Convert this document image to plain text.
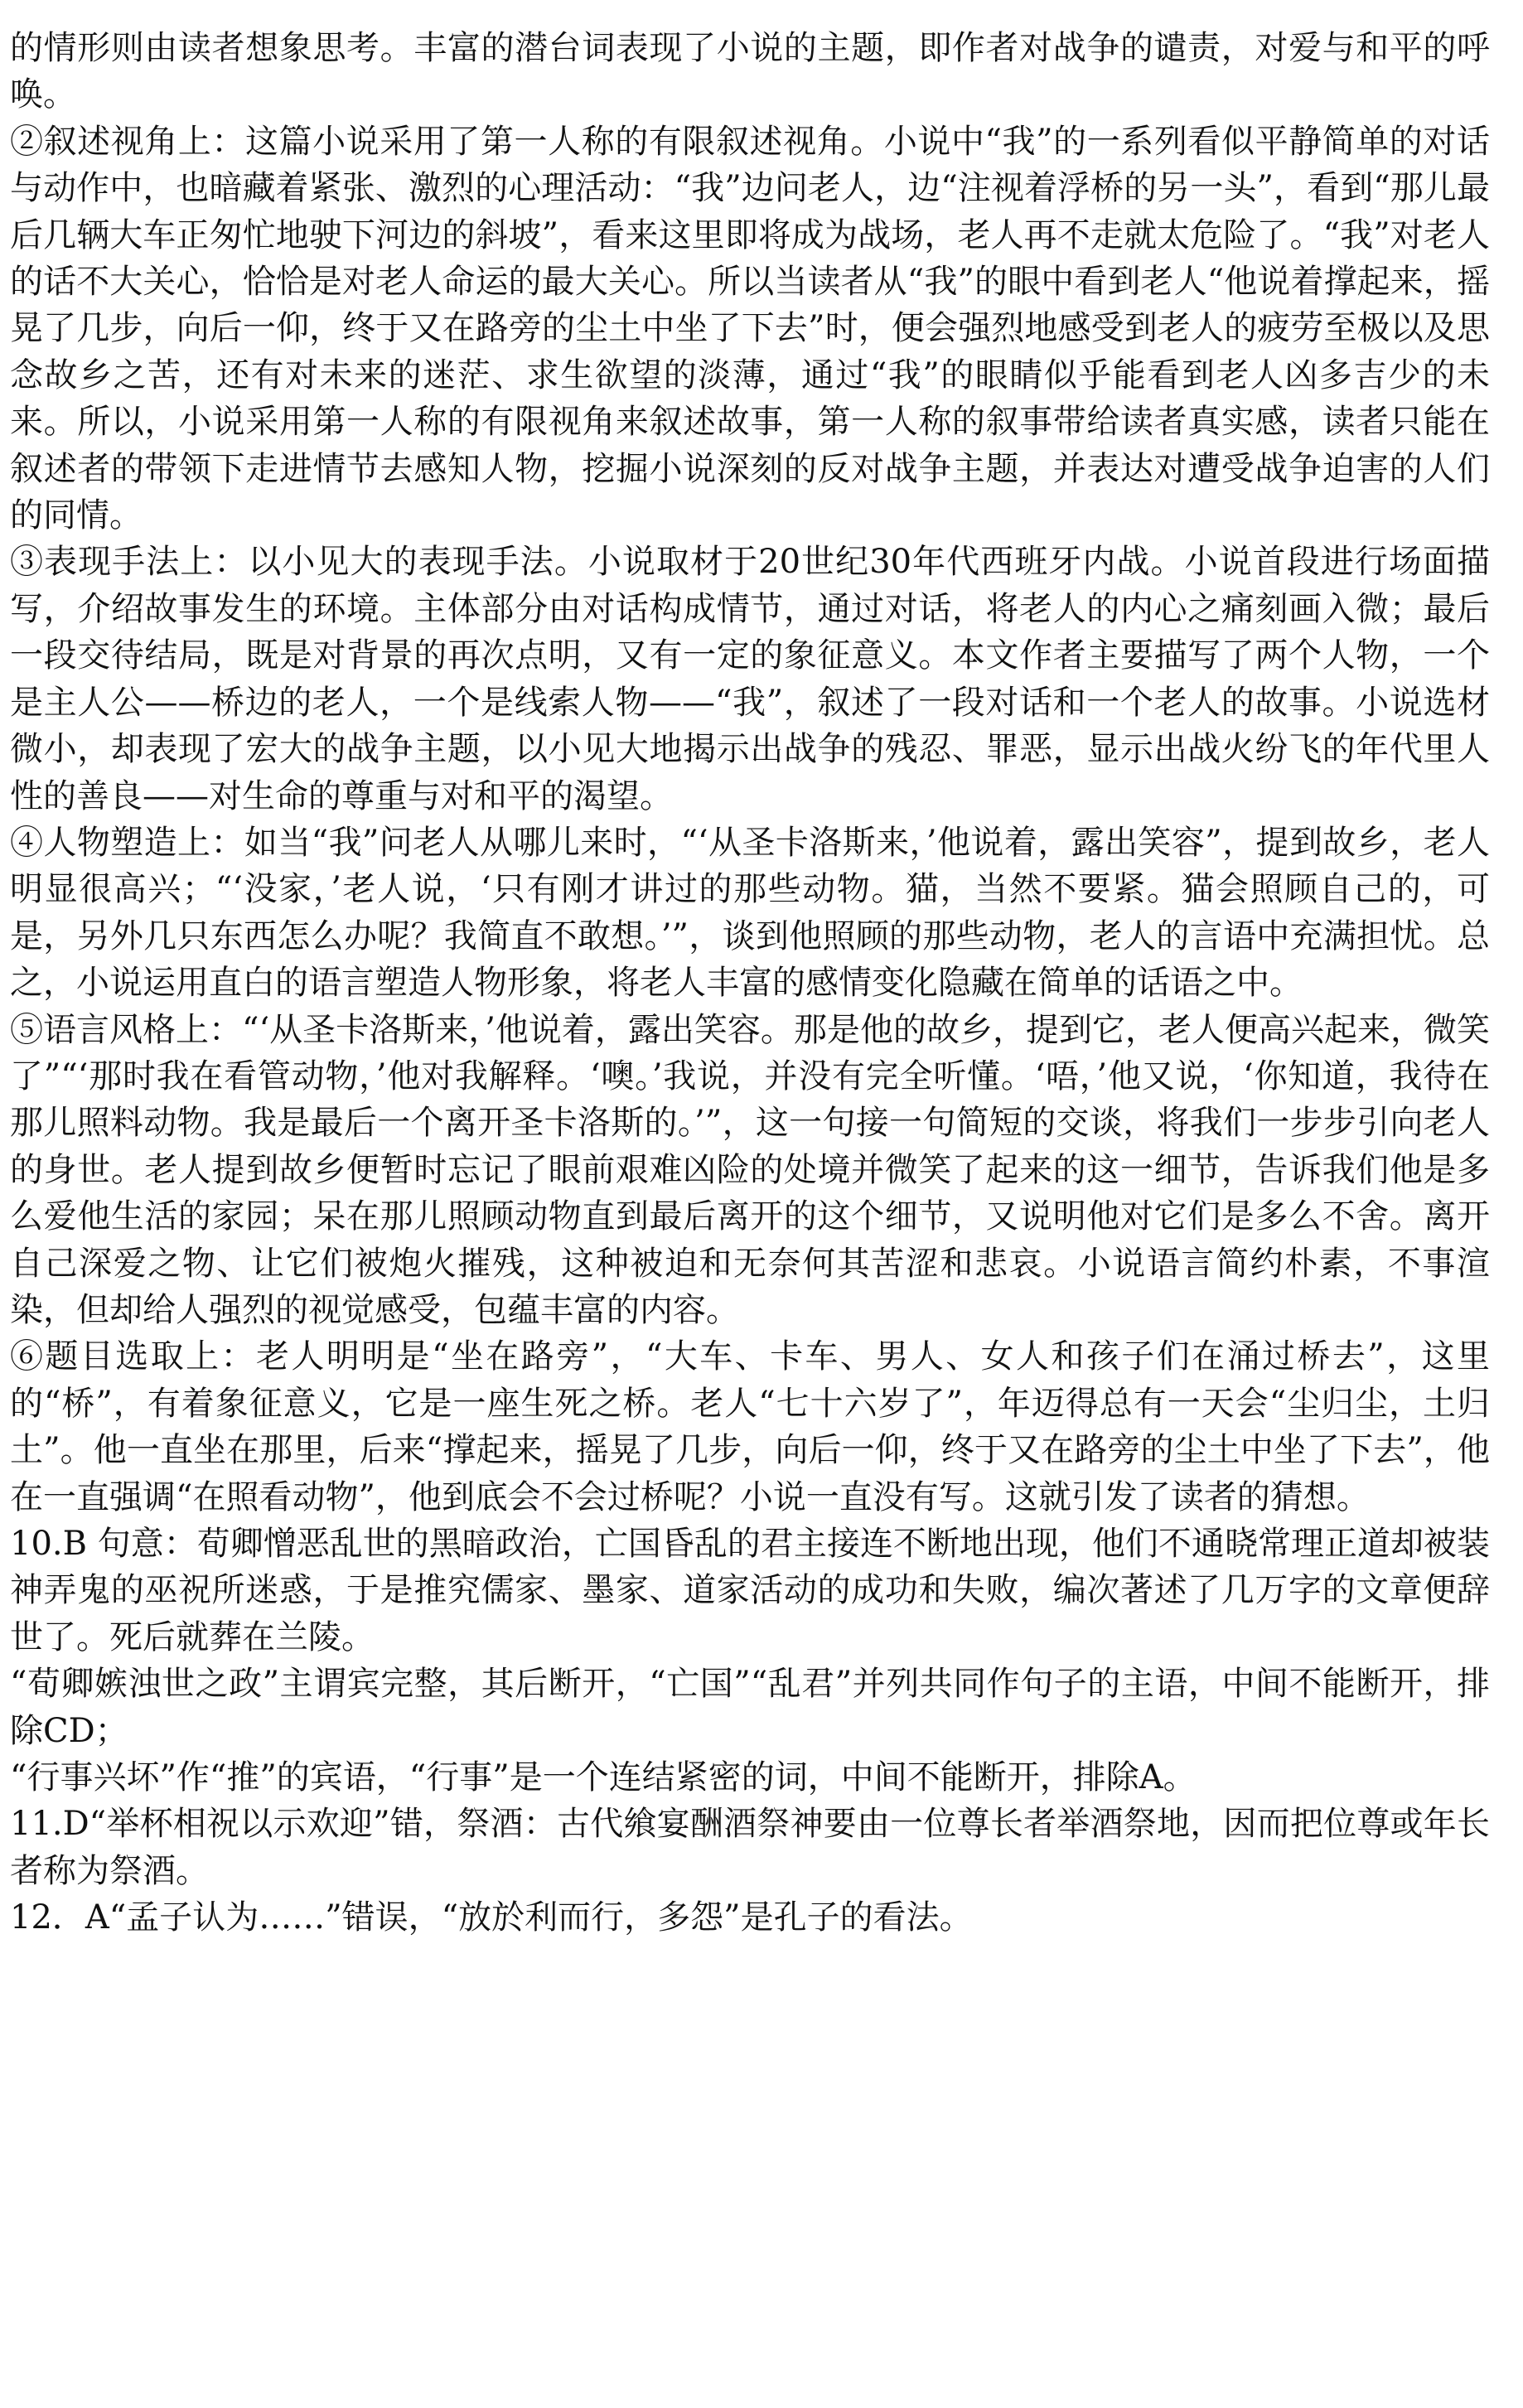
的情形则由读者想象思考。丰富的潜台词表现了小说的主题，即作者对战争的谴责，对爱与和平的呼唤。

②叙述视角上：这篇小说采用了第一人称的有限叙述视角。小说中“我”的一系列看似平静简单的对话与动作中，也暗藏着紧张、激烈的心理活动：“我”边问老人，边“注视着浮桥的另一头”，看到“那儿最后几辆大车正匆忙地驶下河边的斜坡”，看来这里即将成为战场，老人再不走就太危险了。“我”对老人的话不大关心，恰恰是对老人命运的最大关心。所以当读者从“我”的眼中看到老人“他说着撑起来，摇晃了几步，向后一仰，终于又在路旁的尘土中坐了下去”时，便会强烈地感受到老人的疲劳至极以及思念故乡之苦，还有对未来的迷茫、求生欲望的淡薄，通过“我”的眼睛似乎能看到老人凶多吉少的未来。所以，小说采用第一人称的有限视角来叙述故事，第一人称的叙事带给读者真实感，读者只能在叙述者的带领下走进情节去感知人物，挖掘小说深刻的反对战争主题，并表达对遭受战争迫害的人们的同情。

③表现手法上：以小见大的表现手法。小说取材于20世纪30年代西班牙内战。小说首段进行场面描写，介绍故事发生的环境。主体部分由对话构成情节，通过对话，将老人的内心之痛刻画入微；最后一段交待结局，既是对背景的再次点明，又有一定的象征意义。本文作者主要描写了两个人物，一个是主人公——桥边的老人，一个是线索人物——“我”，叙述了一段对话和一个老人的故事。小说选材微小，却表现了宏大的战争主题，以小见大地揭示出战争的残忍、罪恶，显示出战火纷飞的年代里人性的善良——对生命的尊重与对和平的渴望。

④人物塑造上：如当“我”问老人从哪儿来时，“‘从圣卡洛斯来，’他说着，露出笑容”，提到故乡，老人明显很高兴；“‘没家，’老人说，‘只有刚才讲过的那些动物。猫，当然不要紧。猫会照顾自己的，可是，另外几只东西怎么办呢？我简直不敢想。’”，谈到他照顾的那些动物，老人的言语中充满担忧。总之，小说运用直白的语言塑造人物形象，将老人丰富的感情变化隐藏在简单的话语之中。

⑤语言风格上：“‘从圣卡洛斯来，’他说着，露出笑容。那是他的故乡，提到它，老人便高兴起来，微笑了”“‘那时我在看管动物，’他对我解释。‘噢。’我说，并没有完全听懂。‘唔，’他又说，‘你知道，我待在那儿照料动物。我是最后一个离开圣卡洛斯的。’”，这一句接一句简短的交谈，将我们一步步引向老人的身世。老人提到故乡便暂时忘记了眼前艰难凶险的处境并微笑了起来的这一细节，告诉我们他是多么爱他生活的家园；呆在那儿照顾动物直到最后离开的这个细节，又说明他对它们是多么不舍。离开自己深爱之物、让它们被炮火摧残，这种被迫和无奈何其苦涩和悲哀。小说语言简约朴素，不事渲染，但却给人强烈的视觉感受，包蕴丰富的内容。

⑥题目选取上：老人明明是“坐在路旁”，“大车、卡车、男人、女人和孩子们在涌过桥去”，这里的“桥”，有着象征意义，它是一座生死之桥。老人“七十六岁了”，年迈得总有一天会“尘归尘，土归土”。他一直坐在那里，后来“撑起来，摇晃了几步，向后一仰，终于又在路旁的尘土中坐了下去”，他在一直强调“在照看动物”，他到底会不会过桥呢？小说一直没有写。这就引发了读者的猜想。

10.B 句意：荀卿憎恶乱世的黑暗政治，亡国昏乱的君主接连不断地出现，他们不通晓常理正道却被装神弄鬼的巫祝所迷惑，于是推究儒家、墨家、道家活动的成功和失败，编次著述了几万字的文章便辞世了。死后就葬在兰陵。

“荀卿嫉浊世之政”主谓宾完整，其后断开，“亡国”“乱君”并列共同作句子的主语，中间不能断开，排除CD；

“行事兴坏”作“推”的宾语，“行事”是一个连结紧密的词，中间不能断开，排除A。

11.D“举杯相祝以示欢迎”错，祭酒：古代飨宴酬酒祭神要由一位尊长者举酒祭地，因而把位尊或年长者称为祭酒。

12．A“孟子认为……”错误，“放於利而行，多怨”是孔子的看法。
